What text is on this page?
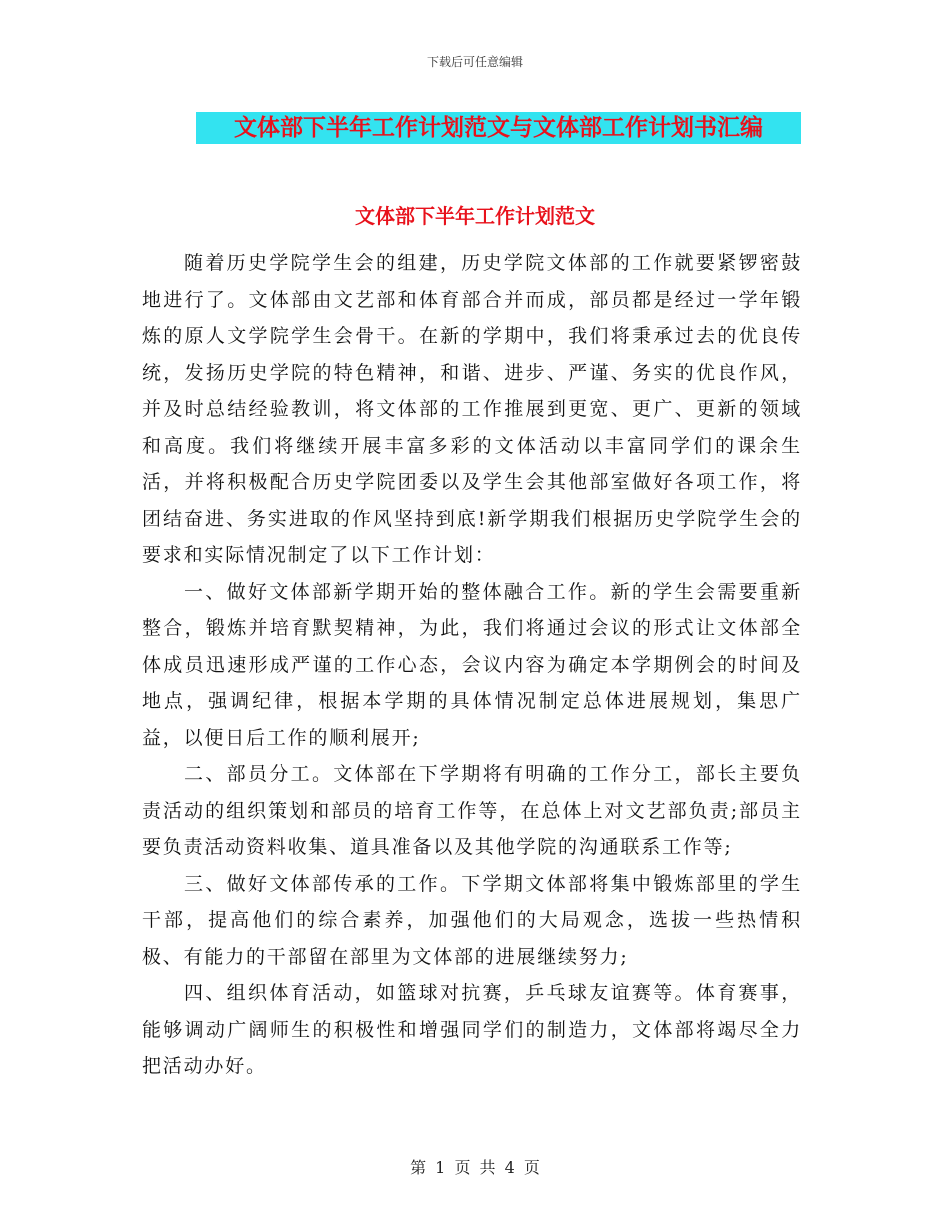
下载后可任意编辑
文体部下半年工作计划范文与文体部工作计划书汇编
文体部下半年工作计划范文

随着历史学院学生会的组建，历史学院文体部的工作就要紧锣密鼓地进行了。文体部由文艺部和体育部合并而成，部员都是经过一学年锻炼的原人文学院学生会骨干。在新的学期中，我们将秉承过去的优良传统，发扬历史学院的特色精神，和谐、进步、严谨、务实的优良作风，并及时总结经验教训，将文体部的工作推展到更宽、更广、更新的领域和高度。我们将继续开展丰富多彩的文体活动以丰富同学们的课余生活，并将积极配合历史学院团委以及学生会其他部室做好各项工作，将团结奋进、务实进取的作风坚持到底!新学期我们根据历史学院学生会的要求和实际情况制定了以下工作计划：

一、做好文体部新学期开始的整体融合工作。新的学生会需要重新整合，锻炼并培育默契精神，为此，我们将通过会议的形式让文体部全体成员迅速形成严谨的工作心态，会议内容为确定本学期例会的时间及地点，强调纪律，根据本学期的具体情况制定总体进展规划，集思广益，以便日后工作的顺利展开;

二、部员分工。文体部在下学期将有明确的工作分工，部长主要负责活动的组织策划和部员的培育工作等，在总体上对文艺部负责;部员主要负责活动资料收集、道具准备以及其他学院的沟通联系工作等;

三、做好文体部传承的工作。下学期文体部将集中锻炼部里的学生干部，提高他们的综合素养，加强他们的大局观念，选拔一些热情积极、有能力的干部留在部里为文体部的进展继续努力;

四、组织体育活动，如篮球对抗赛，乒乓球友谊赛等。体育赛事，能够调动广阔师生的积极性和增强同学们的制造力，文体部将竭尽全力把活动办好。

第 1 页 共 4 页
